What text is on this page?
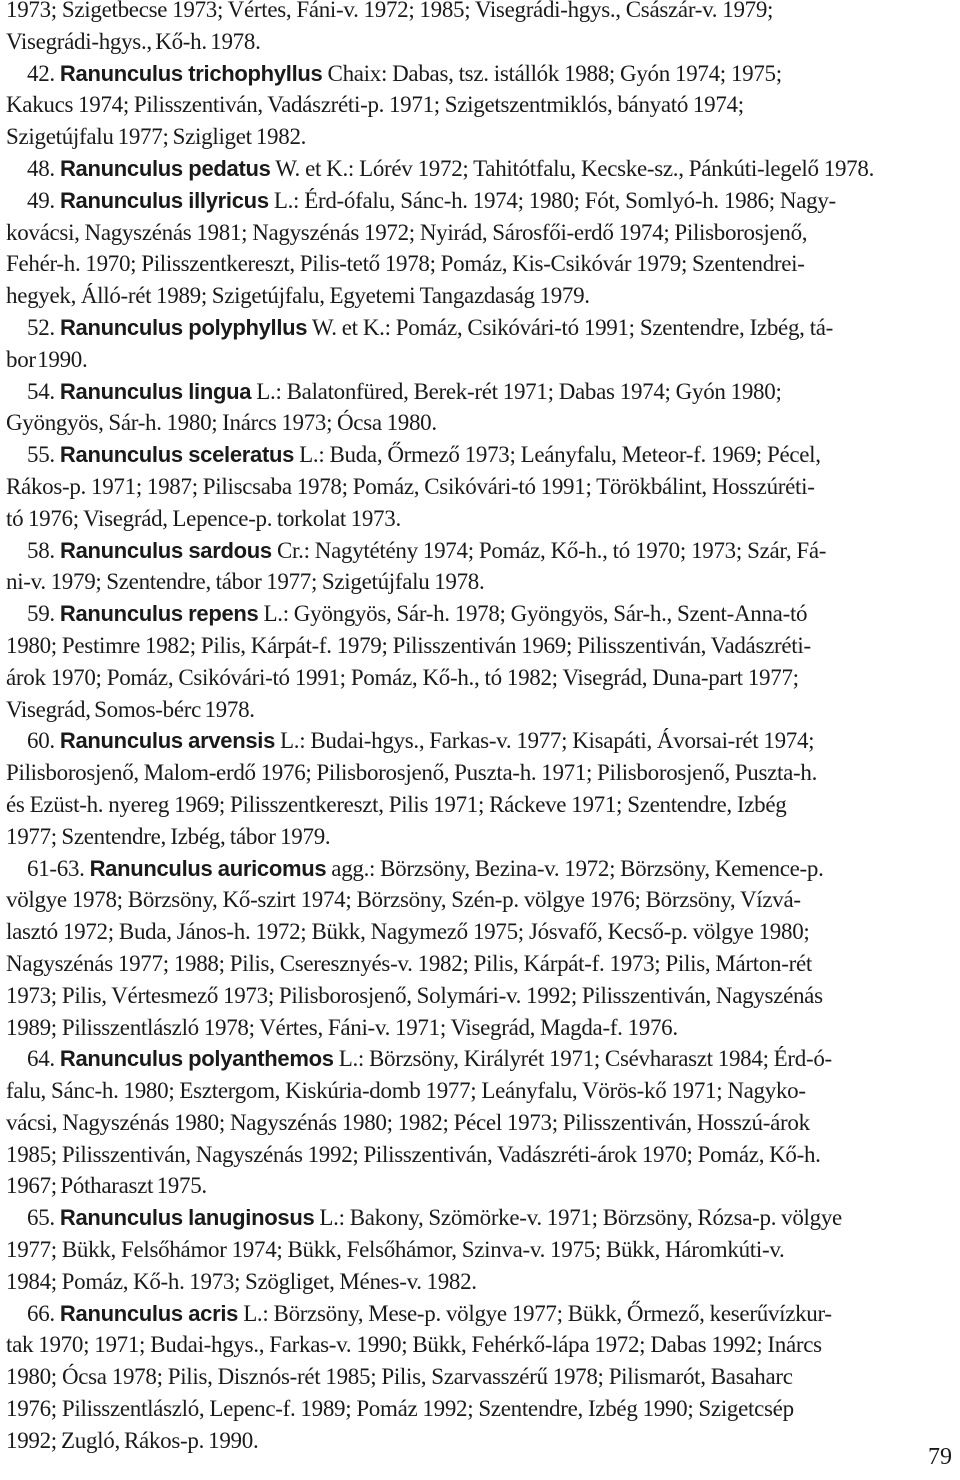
1973; Szigetbecse 1973; Vértes, Fáni-v. 1972; 1985; Visegrádi-hgys., Császár-v. 1979;
Visegrádi-hgys., Kő-h. 1978.
42. Ranunculus trichophyllus Chaix: Dabas, tsz. istállók 1988; Gyón 1974; 1975;
Kakucs 1974; Pilisszentiván, Vadászréti-p. 1971; Szigetszentmiklós, bányató 1974;
Szigetújfalu 1977; Szigliget 1982.
48. Ranunculus pedatus W. et K.: Lórév 1972; Tahitótfalu, Kecske-sz., Pánkúti-legelő 1978.
49. Ranunculus illyricus L.: Érd-ófalu, Sánc-h. 1974; 1980; Fót, Somlyó-h. 1986; Nagy-
kovácsi, Nagyszénás 1981; Nagyszénás 1972; Nyirád, Sárosfői-erdő 1974; Pilisborosjenő,
Fehér-h. 1970; Pilisszentkereszt, Pilis-tető 1978; Pomáz, Kis-Csikóvár 1979; Szentendrei-
hegyek, Álló-rét 1989; Szigetújfalu, Egyetemi Tangazdaság 1979.
52. Ranunculus polyphyllus W. et K.: Pomáz, Csikóvári-tó 1991; Szentendre, Izbég, tá-
bor 1990.
54. Ranunculus lingua L.: Balatonfüred, Berek-rét 1971; Dabas 1974; Gyón 1980;
Gyöngyös, Sár-h. 1980; Inárcs 1973; Ócsa 1980.
55. Ranunculus sceleratus L.: Buda, Őrmező 1973; Leányfalu, Meteor-f. 1969; Pécel,
Rákos-p. 1971; 1987; Piliscsaba 1978; Pomáz, Csikóvári-tó 1991; Törökbálint, Hosszúréti-
tó 1976; Visegrád, Lepence-p. torkolat 1973.
58. Ranunculus sardous Cr.: Nagytétény 1974; Pomáz, Kő-h., tó 1970; 1973; Szár, Fá-
ni-v. 1979; Szentendre, tábor 1977; Szigetújfalu 1978.
59. Ranunculus repens L.: Gyöngyös, Sár-h. 1978; Gyöngyös, Sár-h., Szent-Anna-tó
1980; Pestimre 1982; Pilis, Kárpát-f. 1979; Pilisszentiván 1969; Pilisszentiván, Vadászréti-
árok 1970; Pomáz, Csikóvári-tó 1991; Pomáz, Kő-h., tó 1982; Visegrád, Duna-part 1977;
Visegrád, Somos-bérc 1978.
60. Ranunculus arvensis L.: Budai-hgys., Farkas-v. 1977; Kisapáti, Ávorsai-rét 1974;
Pilisborosjenő, Malom-erdő 1976; Pilisborosjenő, Puszta-h. 1971; Pilisborosjenő, Puszta-h.
és Ezüst-h. nyereg 1969; Pilisszentkereszt, Pilis 1971; Ráckeve 1971; Szentendre, Izbég
1977; Szentendre, Izbég, tábor 1979.
61-63. Ranunculus auricomus agg.: Börzsöny, Bezina-v. 1972; Börzsöny, Kemence-p.
völgye 1978; Börzsöny, Kő-szirt 1974; Börzsöny, Szén-p. völgye 1976; Börzsöny, Vízvá-
lasztó 1972; Buda, János-h. 1972; Bükk, Nagymező 1975; Jósvafő, Kecső-p. völgye 1980;
Nagyszénás 1977; 1988; Pilis, Cseresznyés-v. 1982; Pilis, Kárpát-f. 1973; Pilis, Márton-rét
1973; Pilis, Vértesmező 1973; Pilisborosjenő, Solymári-v. 1992; Pilisszentiván, Nagyszénás
1989; Pilisszentlászló 1978; Vértes, Fáni-v. 1971; Visegrád, Magda-f. 1976.
64. Ranunculus polyanthemos L.: Börzsöny, Királyrét 1971; Csévharaszt 1984; Érd-ó-
falu, Sánc-h. 1980; Esztergom, Kiskúria-domb 1977; Leányfalu, Vörös-kő 1971; Nagyko-
vácsi, Nagyszénás 1980; Nagyszénás 1980; 1982; Pécel 1973; Pilisszentiván, Hosszú-árok
1985; Pilisszentiván, Nagyszénás 1992; Pilisszentiván, Vadászréti-árok 1970; Pomáz, Kő-h.
1967; Pótharaszt 1975.
65. Ranunculus lanuginosus L.: Bakony, Szömörke-v. 1971; Börzsöny, Rózsa-p. völgye
1977; Bükk, Felsőhámor 1974; Bükk, Felsőhámor, Szinva-v. 1975; Bükk, Háromkúti-v.
1984; Pomáz, Kő-h. 1973; Szögliget, Ménes-v. 1982.
66. Ranunculus acris L.: Börzsöny, Mese-p. völgye 1977; Bükk, Őrmező, keserűvízkur-
tak 1970; 1971; Budai-hgys., Farkas-v. 1990; Bükk, Fehérkő-lápa 1972; Dabas 1992; Inárcs
1980; Ócsa 1978; Pilis, Disznós-rét 1985; Pilis, Szarvasszérű 1978; Pilismarót, Basaharc
1976; Pilisszentlászló, Lepenc-f. 1989; Pomáz 1992; Szentendre, Izbég 1990; Szigetcsép
1992; Zugló, Rákos-p. 1990.
79
